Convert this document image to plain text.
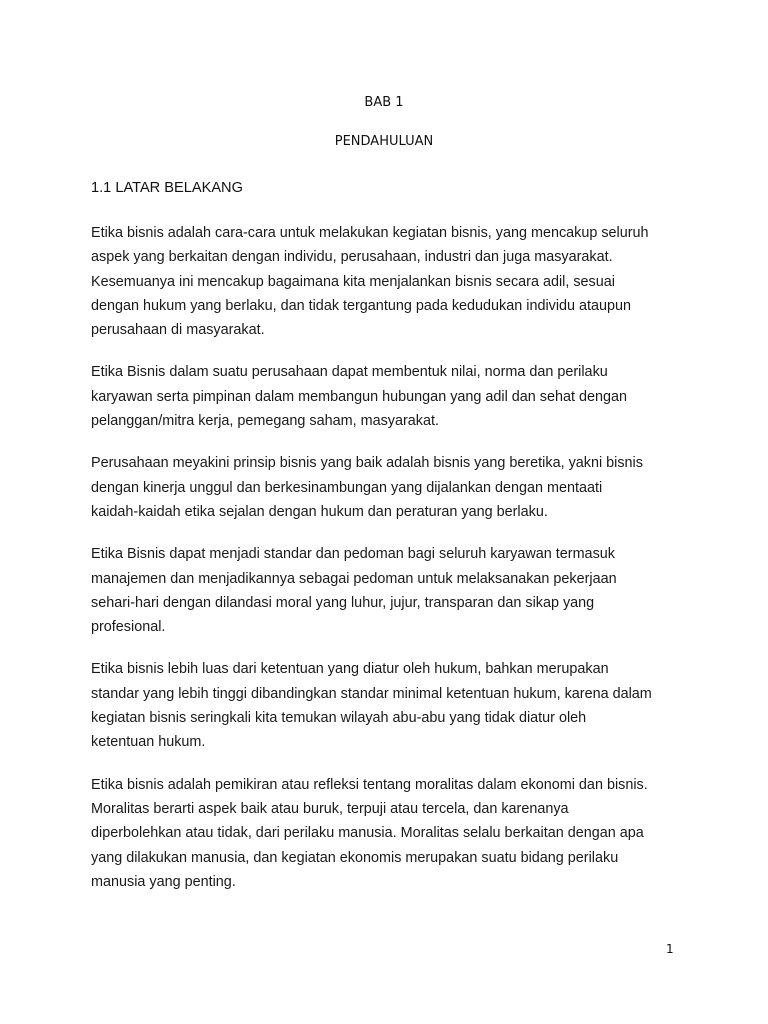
BAB 1

PENDAHULUAN

1.1 LATAR BELAKANG

Etika bisnis adalah cara-cara untuk melakukan kegiatan bisnis, yang mencakup seluruh
aspek yang berkaitan dengan individu, perusahaan, industri dan juga masyarakat.
Kesemuanya ini mencakup bagaimana kita menjalankan bisnis secara adil, sesuai
dengan hukum yang berlaku, dan tidak tergantung pada kedudukan individu ataupun
perusahaan di masyarakat.

Etika Bisnis dalam suatu perusahaan dapat membentuk nilai, norma dan perilaku
karyawan serta pimpinan dalam membangun hubungan yang adil dan sehat dengan
pelanggan/mitra kerja, pemegang saham, masyarakat.

Perusahaan meyakini prinsip bisnis yang baik adalah bisnis yang beretika, yakni bisnis
dengan kinerja unggul dan berkesinambungan yang dijalankan dengan mentaati
kaidah-kaidah etika sejalan dengan hukum dan peraturan yang berlaku.

Etika Bisnis dapat menjadi standar dan pedoman bagi seluruh karyawan termasuk
manajemen dan menjadikannya sebagai pedoman untuk melaksanakan pekerjaan
sehari-hari dengan dilandasi moral yang luhur, jujur, transparan dan sikap yang
profesional.

Etika bisnis lebih luas dari ketentuan yang diatur oleh hukum, bahkan merupakan
standar yang lebih tinggi dibandingkan standar minimal ketentuan hukum, karena dalam
kegiatan bisnis seringkali kita temukan wilayah abu-abu yang tidak diatur oleh
ketentuan hukum.

Etika bisnis adalah pemikiran atau refleksi tentang moralitas dalam ekonomi dan bisnis.
Moralitas berarti aspek baik atau buruk, terpuji atau tercela, dan karenanya
diperbolehkan atau tidak, dari perilaku manusia. Moralitas selalu berkaitan dengan apa
yang dilakukan manusia, dan kegiatan ekonomis merupakan suatu bidang perilaku
manusia yang penting.

1
